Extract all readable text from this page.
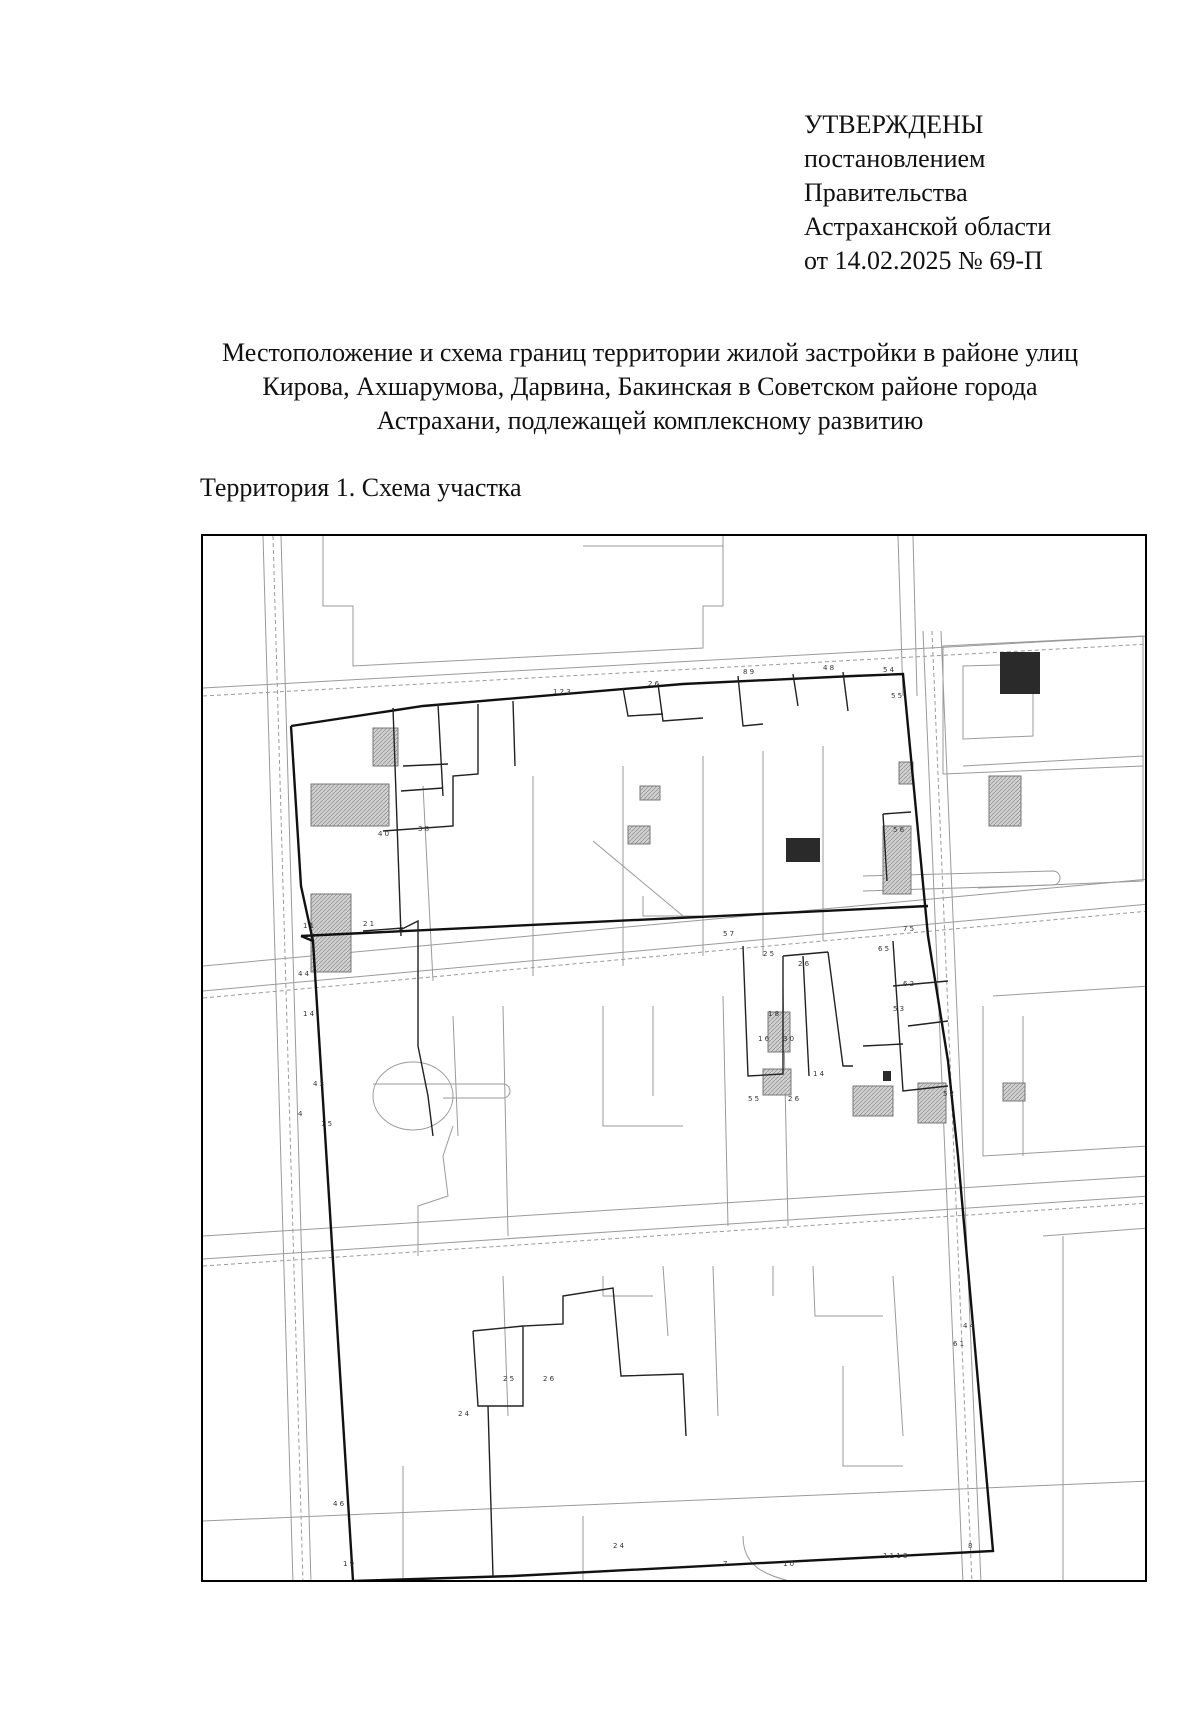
УТВЕРЖДЕНЫ
постановлением
Правительства
Астраханской области
от 14.02.2025 № 69-П
Местоположение и схема границ территории жилой застройки в районе улиц
Кирова, Ахшарумова, Дарвина, Бакинская в Советском районе города
Астрахани, подлежащей комплексному развитию
Территория 1. Схема участка
1 2 3
2 6
8 9	4 8	5 4
5 5
3 8
4 0
1 1	2 1
4 4
1 4
4 3
4
1 5
5 6
7 5
6 5
6 2
5 3
5 2
5 7
2 5
2 6
1 8
1 6 3 0
1 4
5 5	2 6
4 4
6 1
8
1 1 1 3
1 0
7
2 4
2 5
2 4
2 6
4 6
1 9
